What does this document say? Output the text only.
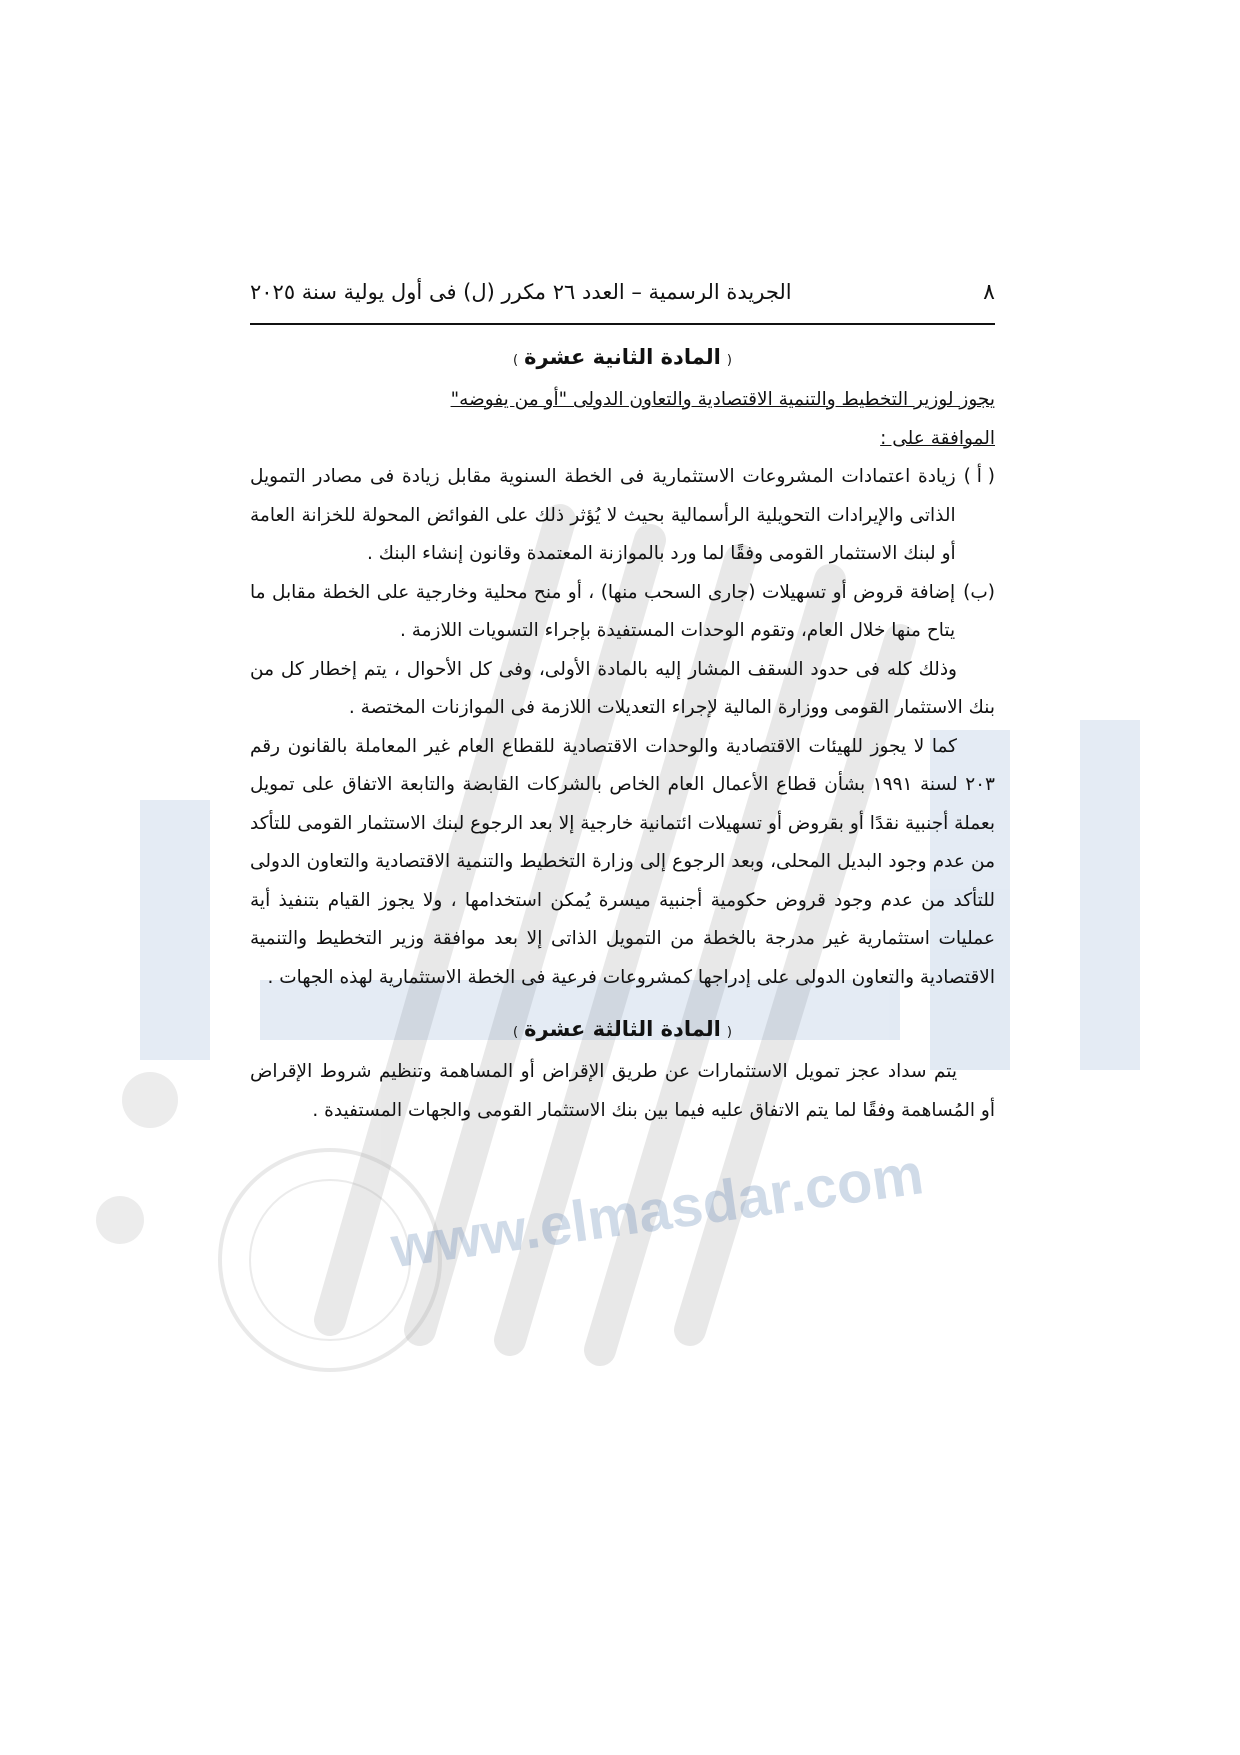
www.elmasdar.com
٨
الجريدة الرسمية – العدد ٢٦ مكرر (ل) فى أول يولية سنة ٢٠٢٥
(المادة الثانية عشرة)

يجوز لوزير التخطيط والتنمية الاقتصادية والتعاون الدولى "أو من يفوضه"

الموافقة على :

( أ )
زيادة اعتمادات المشروعات الاستثمارية فى الخطة السنوية مقابل زيادة فى مصادر التمويل الذاتى والإيرادات التحويلية الرأسمالية بحيث لا يُؤثر ذلك على الفوائض المحولة للخزانة العامة أو لبنك الاستثمار القومى وفقًا لما ورد بالموازنة المعتمدة وقانون إنشاء البنك .
(ب)
إضافة قروض أو تسهيلات (جارى السحب منها) ، أو منح محلية وخارجية على الخطة مقابل ما يتاح منها خلال العام، وتقوم الوحدات المستفيدة بإجراء التسويات اللازمة .

وذلك كله فى حدود السقف المشار إليه بالمادة الأولى، وفى كل الأحوال ، يتم إخطار كل من بنك الاستثمار القومى ووزارة المالية لإجراء التعديلات اللازمة فى الموازنات المختصة .

كما لا يجوز للهيئات الاقتصادية والوحدات الاقتصادية للقطاع العام غير المعاملة بالقانون رقم ٢٠٣ لسنة ١٩٩١ بشأن قطاع الأعمال العام الخاص بالشركات القابضة والتابعة الاتفاق على تمويل بعملة أجنبية نقدًا أو بقروض أو تسهيلات ائتمانية خارجية إلا بعد الرجوع لبنك الاستثمار القومى للتأكد من عدم وجود البديل المحلى، وبعد الرجوع إلى وزارة التخطيط والتنمية الاقتصادية والتعاون الدولى للتأكد من عدم وجود قروض حكومية أجنبية ميسرة يُمكن استخدامها ، ولا يجوز القيام بتنفيذ أية عمليات استثمارية غير مدرجة بالخطة من التمويل الذاتى إلا بعد موافقة وزير التخطيط والتنمية الاقتصادية والتعاون الدولى على إدراجها كمشروعات فرعية فى الخطة الاستثمارية لهذه الجهات .

(المادة الثالثة عشرة)

يتم سداد عجز تمويل الاستثمارات عن طريق الإقراض أو المساهمة وتنظيم شروط الإقراض أو المُساهمة وفقًا لما يتم الاتفاق عليه فيما بين بنك الاستثمار القومى والجهات المستفيدة .
